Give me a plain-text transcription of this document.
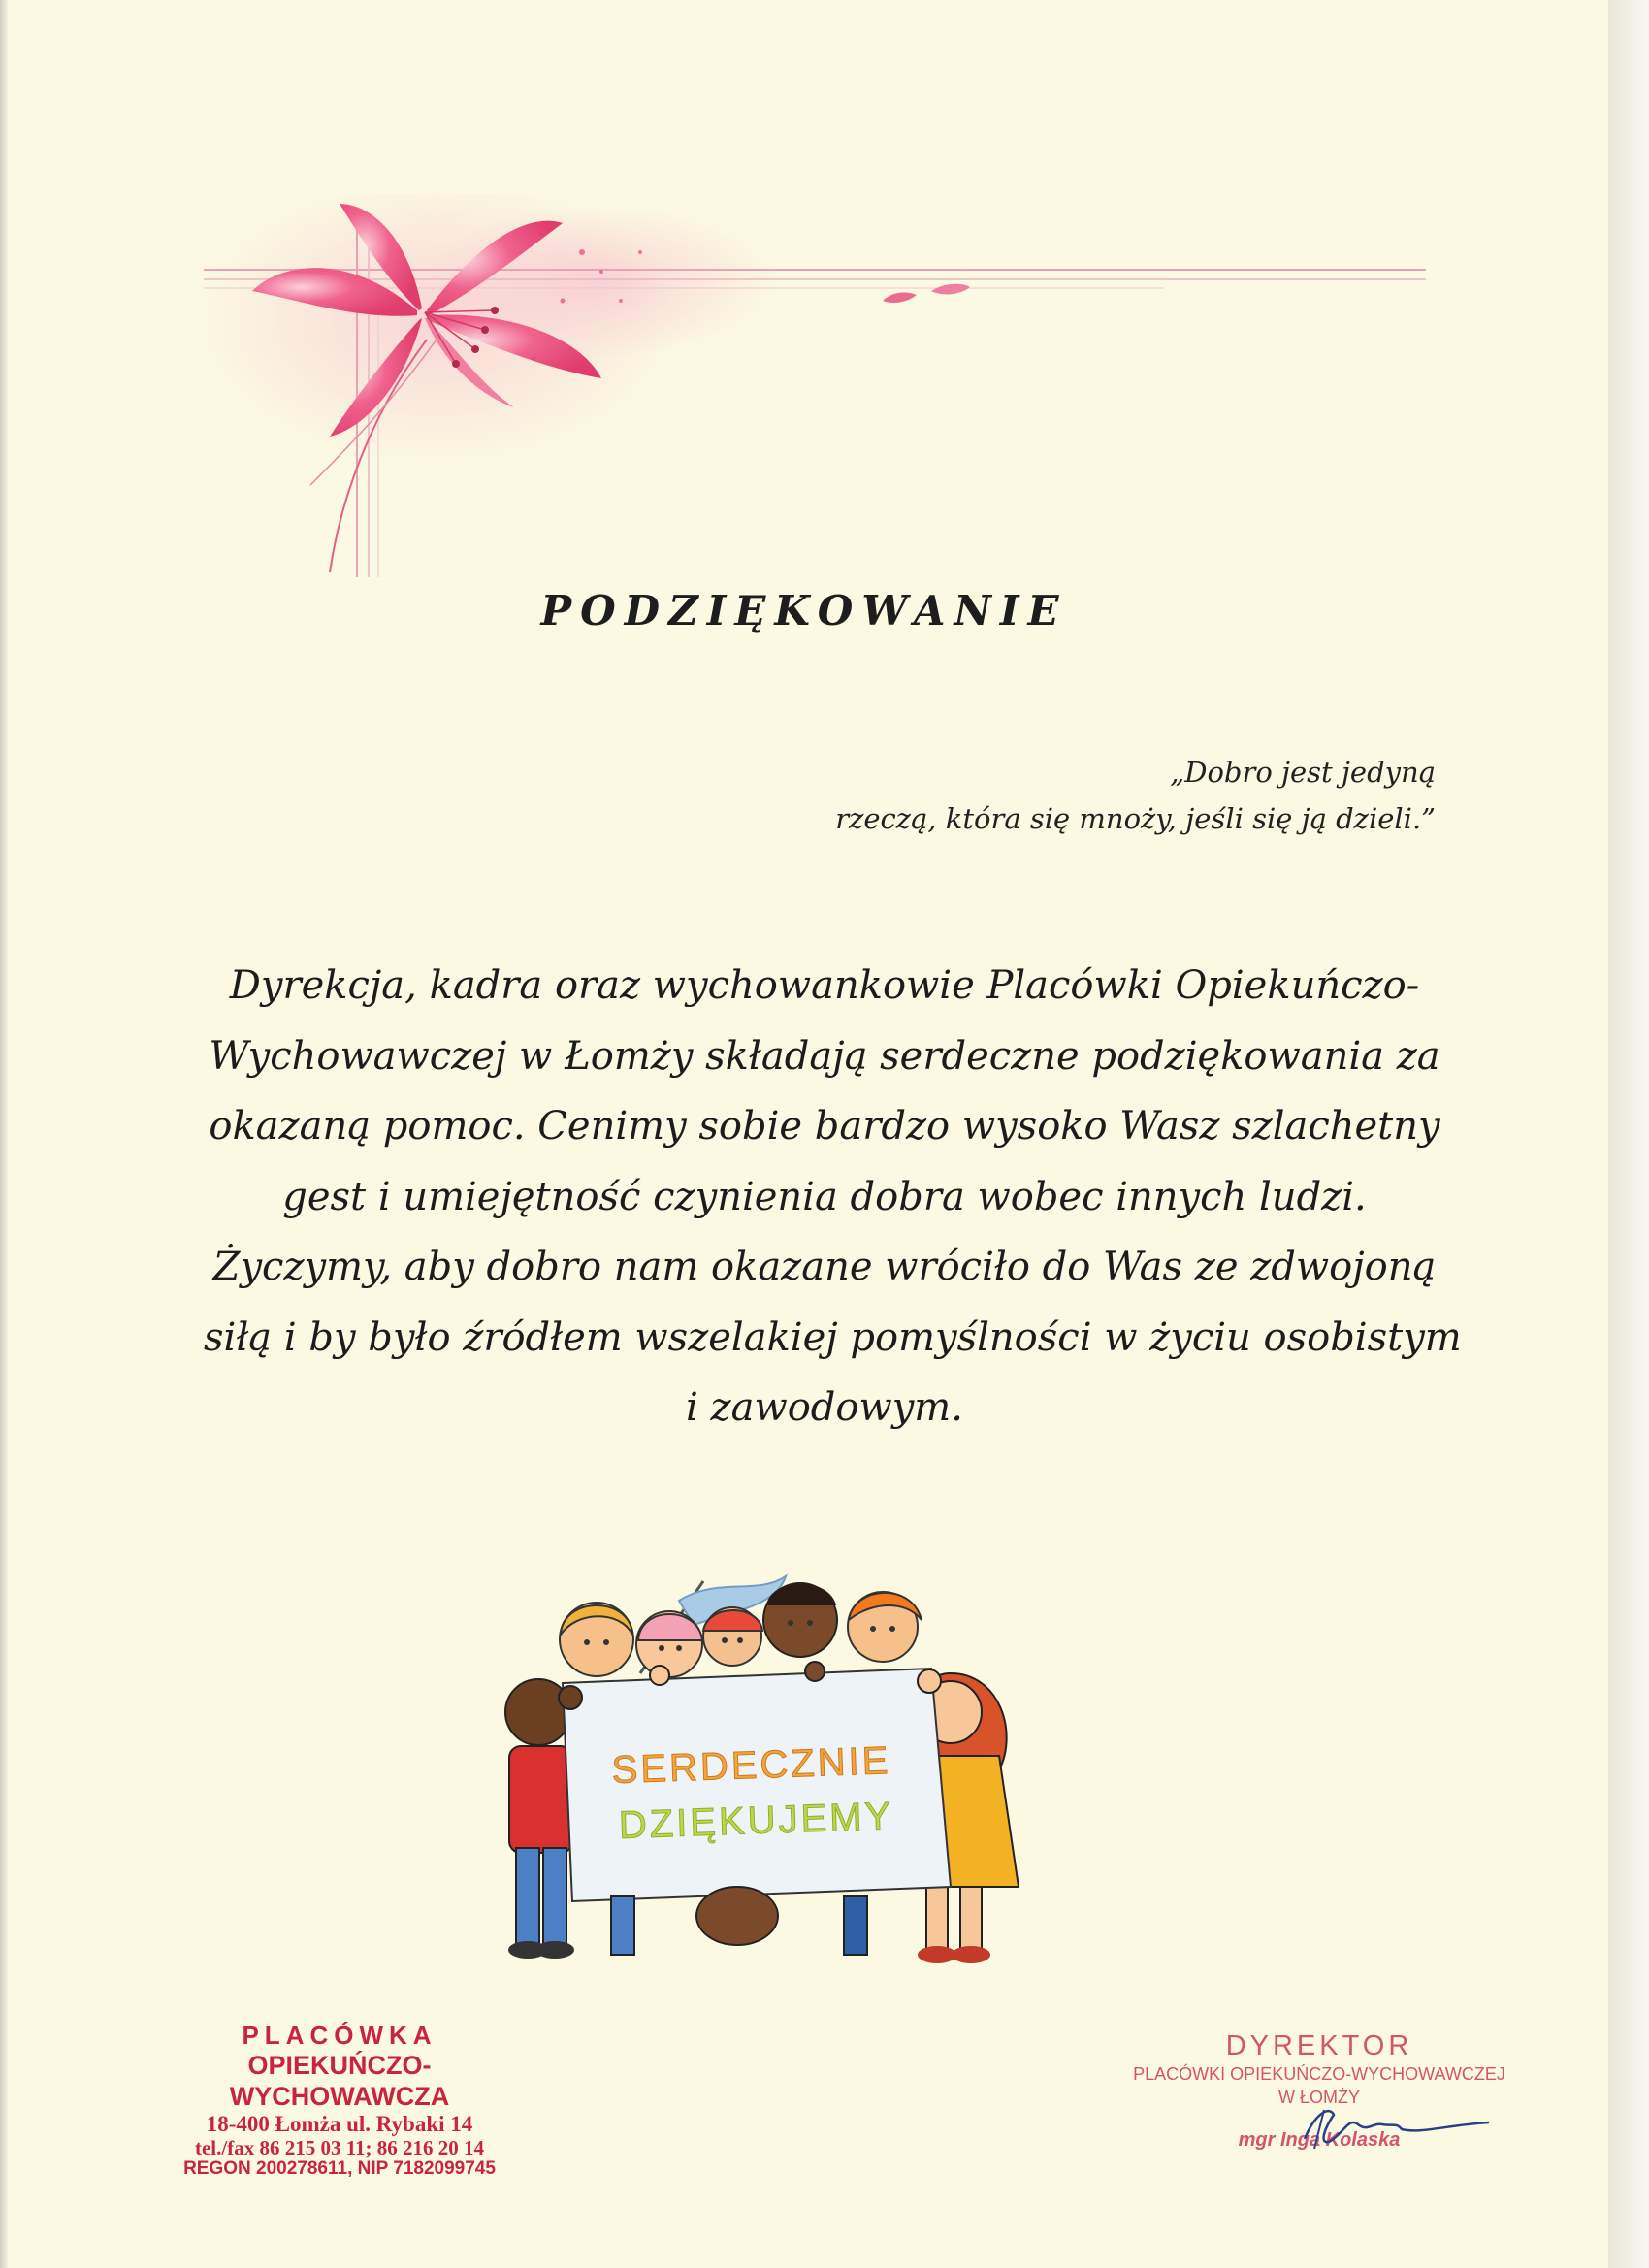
PODZIĘKOWANIE
„Dobro jest jedyną
rzeczą, która się mnoży, jeśli się ją dzieli.”
Dyrekcja, kadra oraz wychowankowie Placówki Opiekuńczo-
Wychowawczej w Łomży składają serdeczne podziękowania za
okazaną pomoc. Cenimy sobie bardzo wysoko Wasz szlachetny
gest i umiejętność czynienia dobra wobec innych ludzi.
Życzymy, aby dobro nam okazane wróciło do Was ze zdwojoną
siłą i by było źródłem wszelakiej pomyślności w życiu osobistym
i zawodowym.
SERDECZNIE
DZIĘKUJEMY
PLACÓWKA
OPIEKUŃCZO-WYCHOWAWCZA
18-400 Łomża ul. Rybaki 14
tel./fax 86 215 03 11; 86 216 20 14
REGON 200278611, NIP 7182099745
DYREKTOR
PLACÓWKI OPIEKUŃCZO-WYCHOWAWCZEJ
W ŁOMŻY
mgr Inga Kolaska
